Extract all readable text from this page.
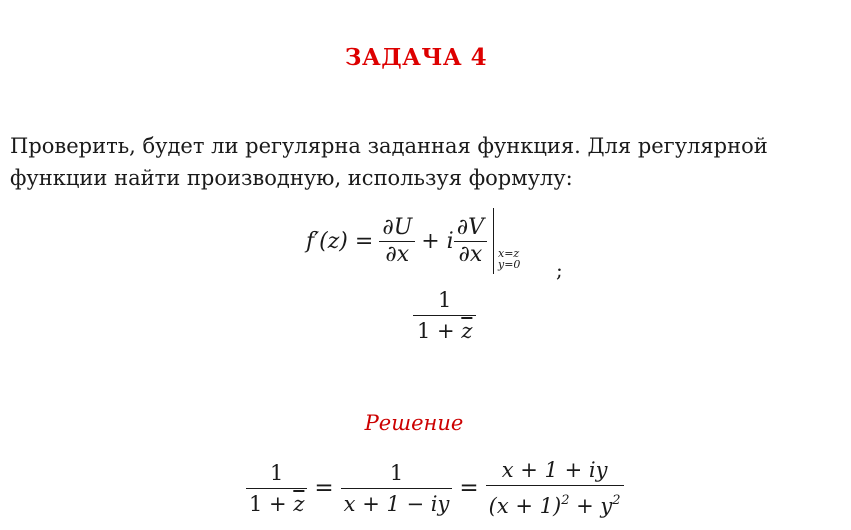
ЗАДАЧА 4
Проверить, будет ли регулярна заданная функция. Для регулярной
функции найти производную, используя формулу:
$f'(z) = \frac{\partial U}{\partial x} + i \frac{\partial V}{\partial x} x=z$
y=0 ;
$\frac{1}{1 + \overline{z}}$
Решение
$\frac{1}{1 + \overline{z}} = \frac{1}{x + 1 - iy} = \frac{x + 1 + iy}{(x + 1)^2 + y^2}$
